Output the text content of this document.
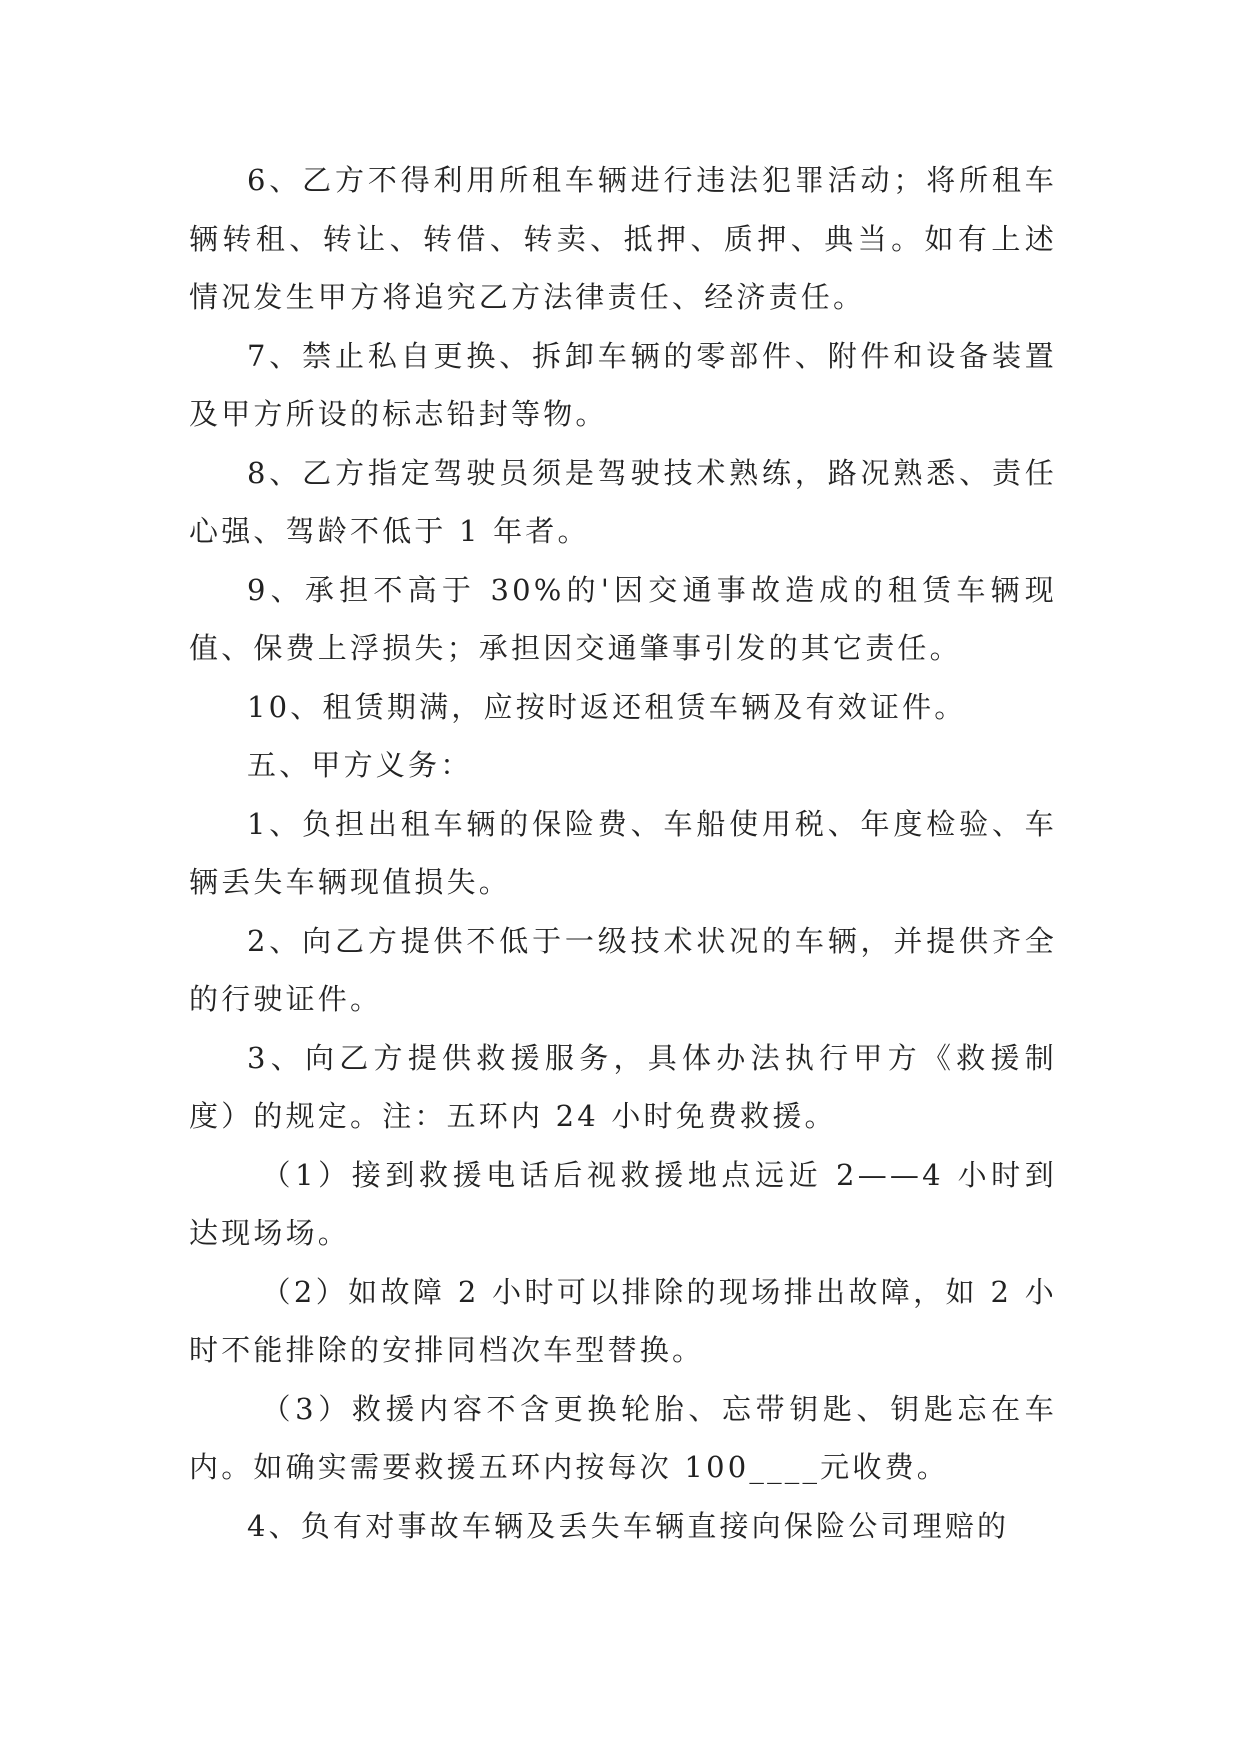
6、乙方不得利用所租车辆进行违法犯罪活动；将所租车辆转租、转让、转借、转卖、抵押、质押、典当。如有上述情况发生甲方将追究乙方法律责任、经济责任。

7、禁止私自更换、拆卸车辆的零部件、附件和设备装置及甲方所设的标志铅封等物。

8、乙方指定驾驶员须是驾驶技术熟练，路况熟悉、责任心强、驾龄不低于 1 年者。

9、承担不高于 30%的'因交通事故造成的租赁车辆现值、保费上浮损失；承担因交通肇事引发的其它责任。

10、租赁期满，应按时返还租赁车辆及有效证件。

五、甲方义务：

1、负担出租车辆的保险费、车船使用税、年度检验、车辆丢失车辆现值损失。

2、向乙方提供不低于一级技术状况的车辆，并提供齐全的行驶证件。

3、向乙方提供救援服务，具体办法执行甲方《救援制度）的规定。注：五环内 24 小时免费救援。

（1）接到救援电话后视救援地点远近 2——4 小时到达现场场。

（2）如故障 2 小时可以排除的现场排出故障，如 2 小时不能排除的安排同档次车型替换。

（3）救援内容不含更换轮胎、忘带钥匙、钥匙忘在车内。如确实需要救援五环内按每次 100____元收费。

4、负有对事故车辆及丢失车辆直接向保险公司理赔的
